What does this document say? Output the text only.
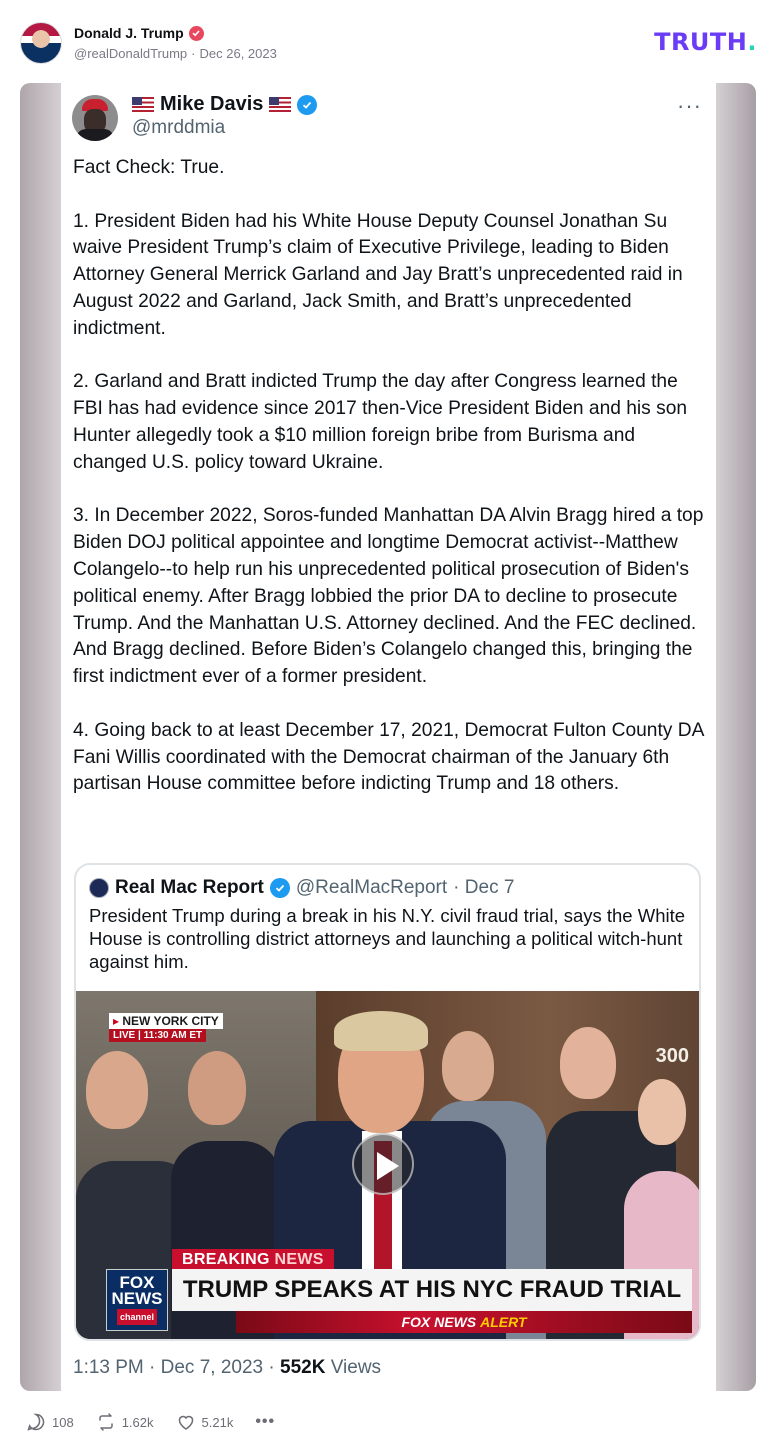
Donald J. Trump
@realDonaldTrump · Dec 26, 2023	TRUTH.
Mike Davis
@mrddmia
···

Fact Check: True.

1. President Biden had his White House Deputy Counsel Jonathan Su waive President Trump’s claim of Executive Privilege, leading to Biden Attorney General Merrick Garland and Jay Bratt’s unprecedented raid in August 2022 and Garland, Jack Smith, and Bratt’s unprecedented indictment.

2. Garland and Bratt indicted Trump the day after Congress learned the FBI has had evidence since 2017 then-Vice President Biden and his son Hunter allegedly took a $10 million foreign bribe from Burisma and changed U.S. policy toward Ukraine.

3. In December 2022, Soros-funded Manhattan DA Alvin Bragg hired a top Biden DOJ political appointee and longtime Democrat activist--Matthew Colangelo--to help run his unprecedented political prosecution of Biden's political enemy. After Bragg lobbied the prior DA to decline to prosecute Trump. And the Manhattan U.S. Attorney declined. And the FEC declined. And Bragg declined. Before Biden’s Colangelo changed this, bringing the first indictment ever of a former president.

4. Going back to at least December 17, 2021, Democrat Fulton County DA Fani Willis coordinated with the Democrat chairman of the January 6th partisan House committee before indicting Trump and 18 others.

Real Mac Report @RealMacReport · Dec 7
President Trump during a break in his N.Y. civil fraud trial, says the White House is controlling district attorneys and launching a political witch-hunt against him.
300
▸ NEW YORK CITY
LIVE | 11:30 AM ET
FOX
NEWS
channel
BREAKING NEWS
TRUMP SPEAKS AT HIS NYC FRAUD TRIAL
FOX NEWS ALERT
1:13 PM · Dec 7, 2023 · 552K Views
108	1.62k	5.21k •••
